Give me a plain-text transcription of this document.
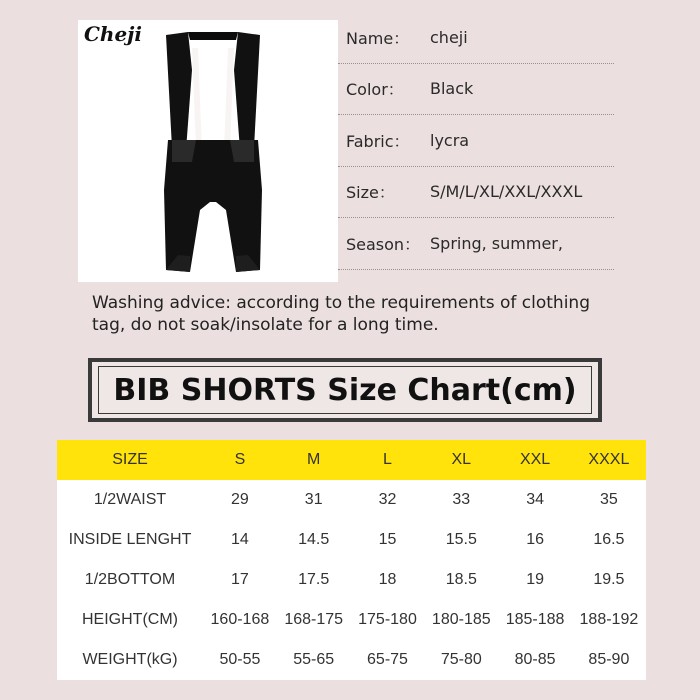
Cheji	Name：	cheji
Color：	Black
Fabric：	lycra
Size：	S/M/L/XL/XXL/XXXL
Season： Spring, summer,
Washing advice: according to the requirements of clothing tag, do not soak/insolate for a long time.
BIB SHORTS Size Chart(cm)
SIZE	S	M	L	XL	XXL	XXXL
1/2WAIST	29	31	32	33	34	35
INSIDE LENGHT	14	14.5	15	15.5	16	16.5
1/2BOTTOM	17	17.5	18	18.5	19	19.5
HEIGHT(CM)	160-168 168-175 175-180 180-185 185-188 188-192
WEIGHT(kG)	50-55	55-65	65-75	75-80	80-85	85-90
